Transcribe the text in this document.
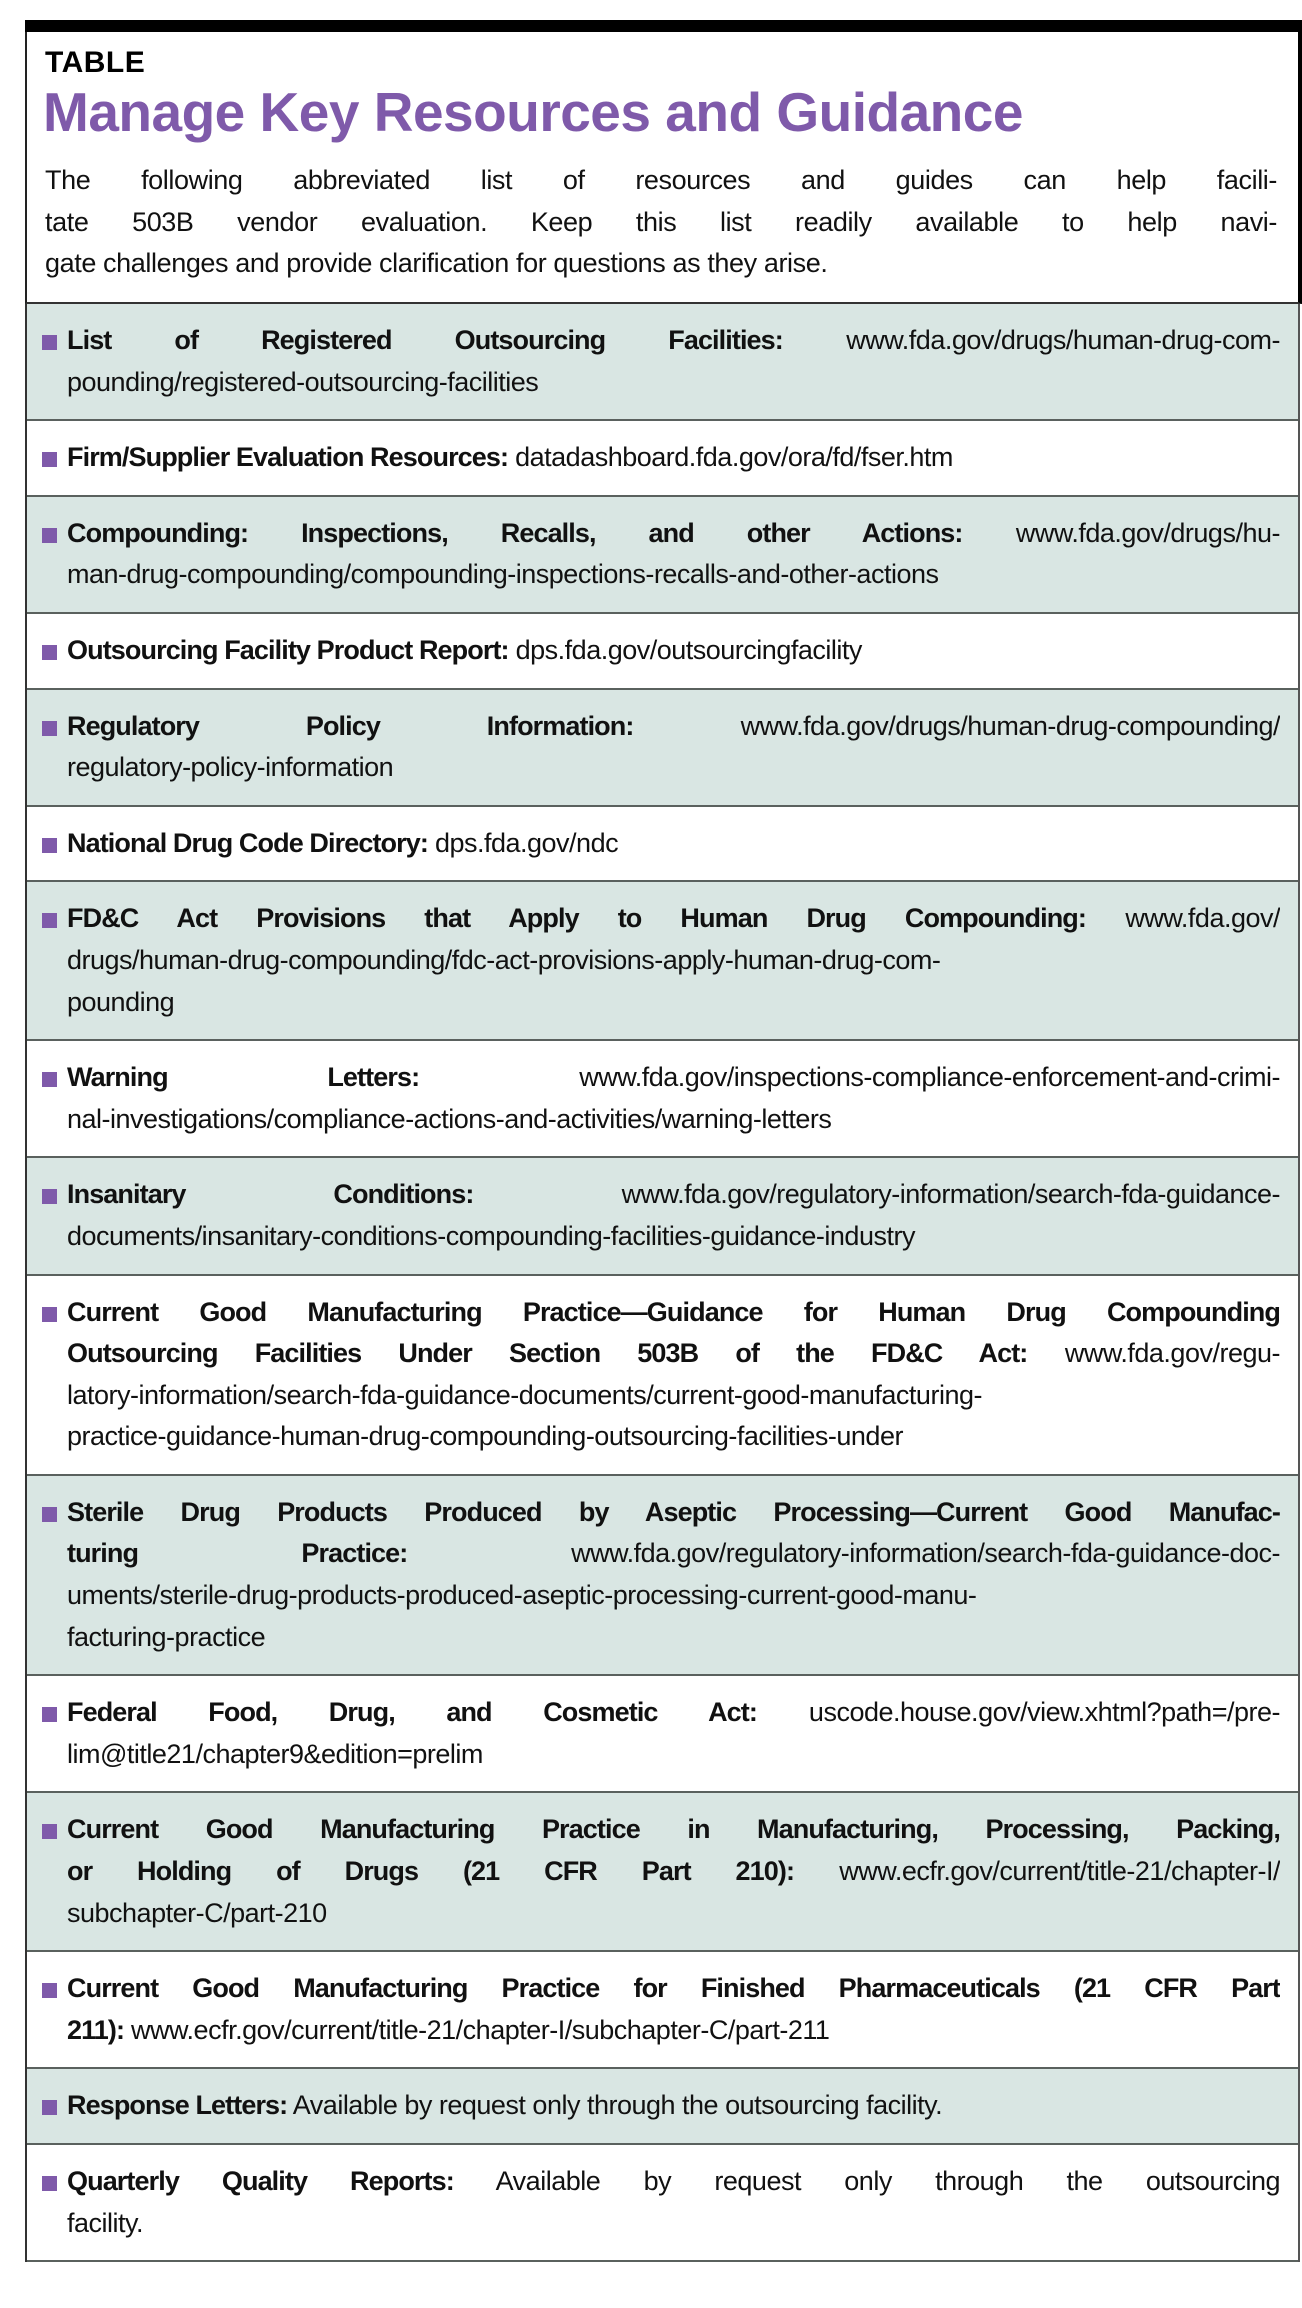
TABLE
Manage Key Resources and Guidance
The following abbreviated list of resources and guides can help facili-
tate 503B vendor evaluation. Keep this list readily available to help navi-
gate challenges and provide clarification for questions as they arise.
List of Registered Outsourcing Facilities: www.fda.gov/drugs/human-drug-com-
pounding/registered-outsourcing-facilities
Firm/Supplier Evaluation Resources: datadashboard.fda.gov/ora/fd/fser.htm
Compounding: Inspections, Recalls, and other Actions: www.fda.gov/drugs/hu-
man-drug-compounding/compounding-inspections-recalls-and-other-actions
Outsourcing Facility Product Report: dps.fda.gov/outsourcingfacility
Regulatory Policy Information: www.fda.gov/drugs/human-drug-compounding/
regulatory-policy-information
National Drug Code Directory: dps.fda.gov/ndc
FD&C Act Provisions that Apply to Human Drug Compounding: www.fda.gov/
drugs/human-drug-compounding/fdc-act-provisions-apply-human-drug-com-
pounding
Warning Letters: www.fda.gov/inspections-compliance-enforcement-and-crimi-
nal-investigations/compliance-actions-and-activities/warning-letters
Insanitary Conditions: www.fda.gov/regulatory-information/search-fda-guidance-
documents/insanitary-conditions-compounding-facilities-guidance-industry
Current Good Manufacturing Practice—Guidance for Human Drug Compounding
Outsourcing Facilities Under Section 503B of the FD&C Act: www.fda.gov/regu-
latory-information/search-fda-guidance-documents/current-good-manufacturing-
practice-guidance-human-drug-compounding-outsourcing-facilities-under
Sterile Drug Products Produced by Aseptic Processing—Current Good Manufac-
turing Practice: www.fda.gov/regulatory-information/search-fda-guidance-doc-
uments/sterile-drug-products-produced-aseptic-processing-current-good-manu-
facturing-practice
Federal Food, Drug, and Cosmetic Act: uscode.house.gov/view.xhtml?path=/pre-
lim@title21/chapter9&edition=prelim
Current Good Manufacturing Practice in Manufacturing, Processing, Packing,
or Holding of Drugs (21 CFR Part 210): www.ecfr.gov/current/title-21/chapter-I/
subchapter-C/part-210
Current Good Manufacturing Practice for Finished Pharmaceuticals (21 CFR Part
211): www.ecfr.gov/current/title-21/chapter-I/subchapter-C/part-211
Response Letters: Available by request only through the outsourcing facility.
Quarterly Quality Reports: Available by request only through the outsourcing
facility.
